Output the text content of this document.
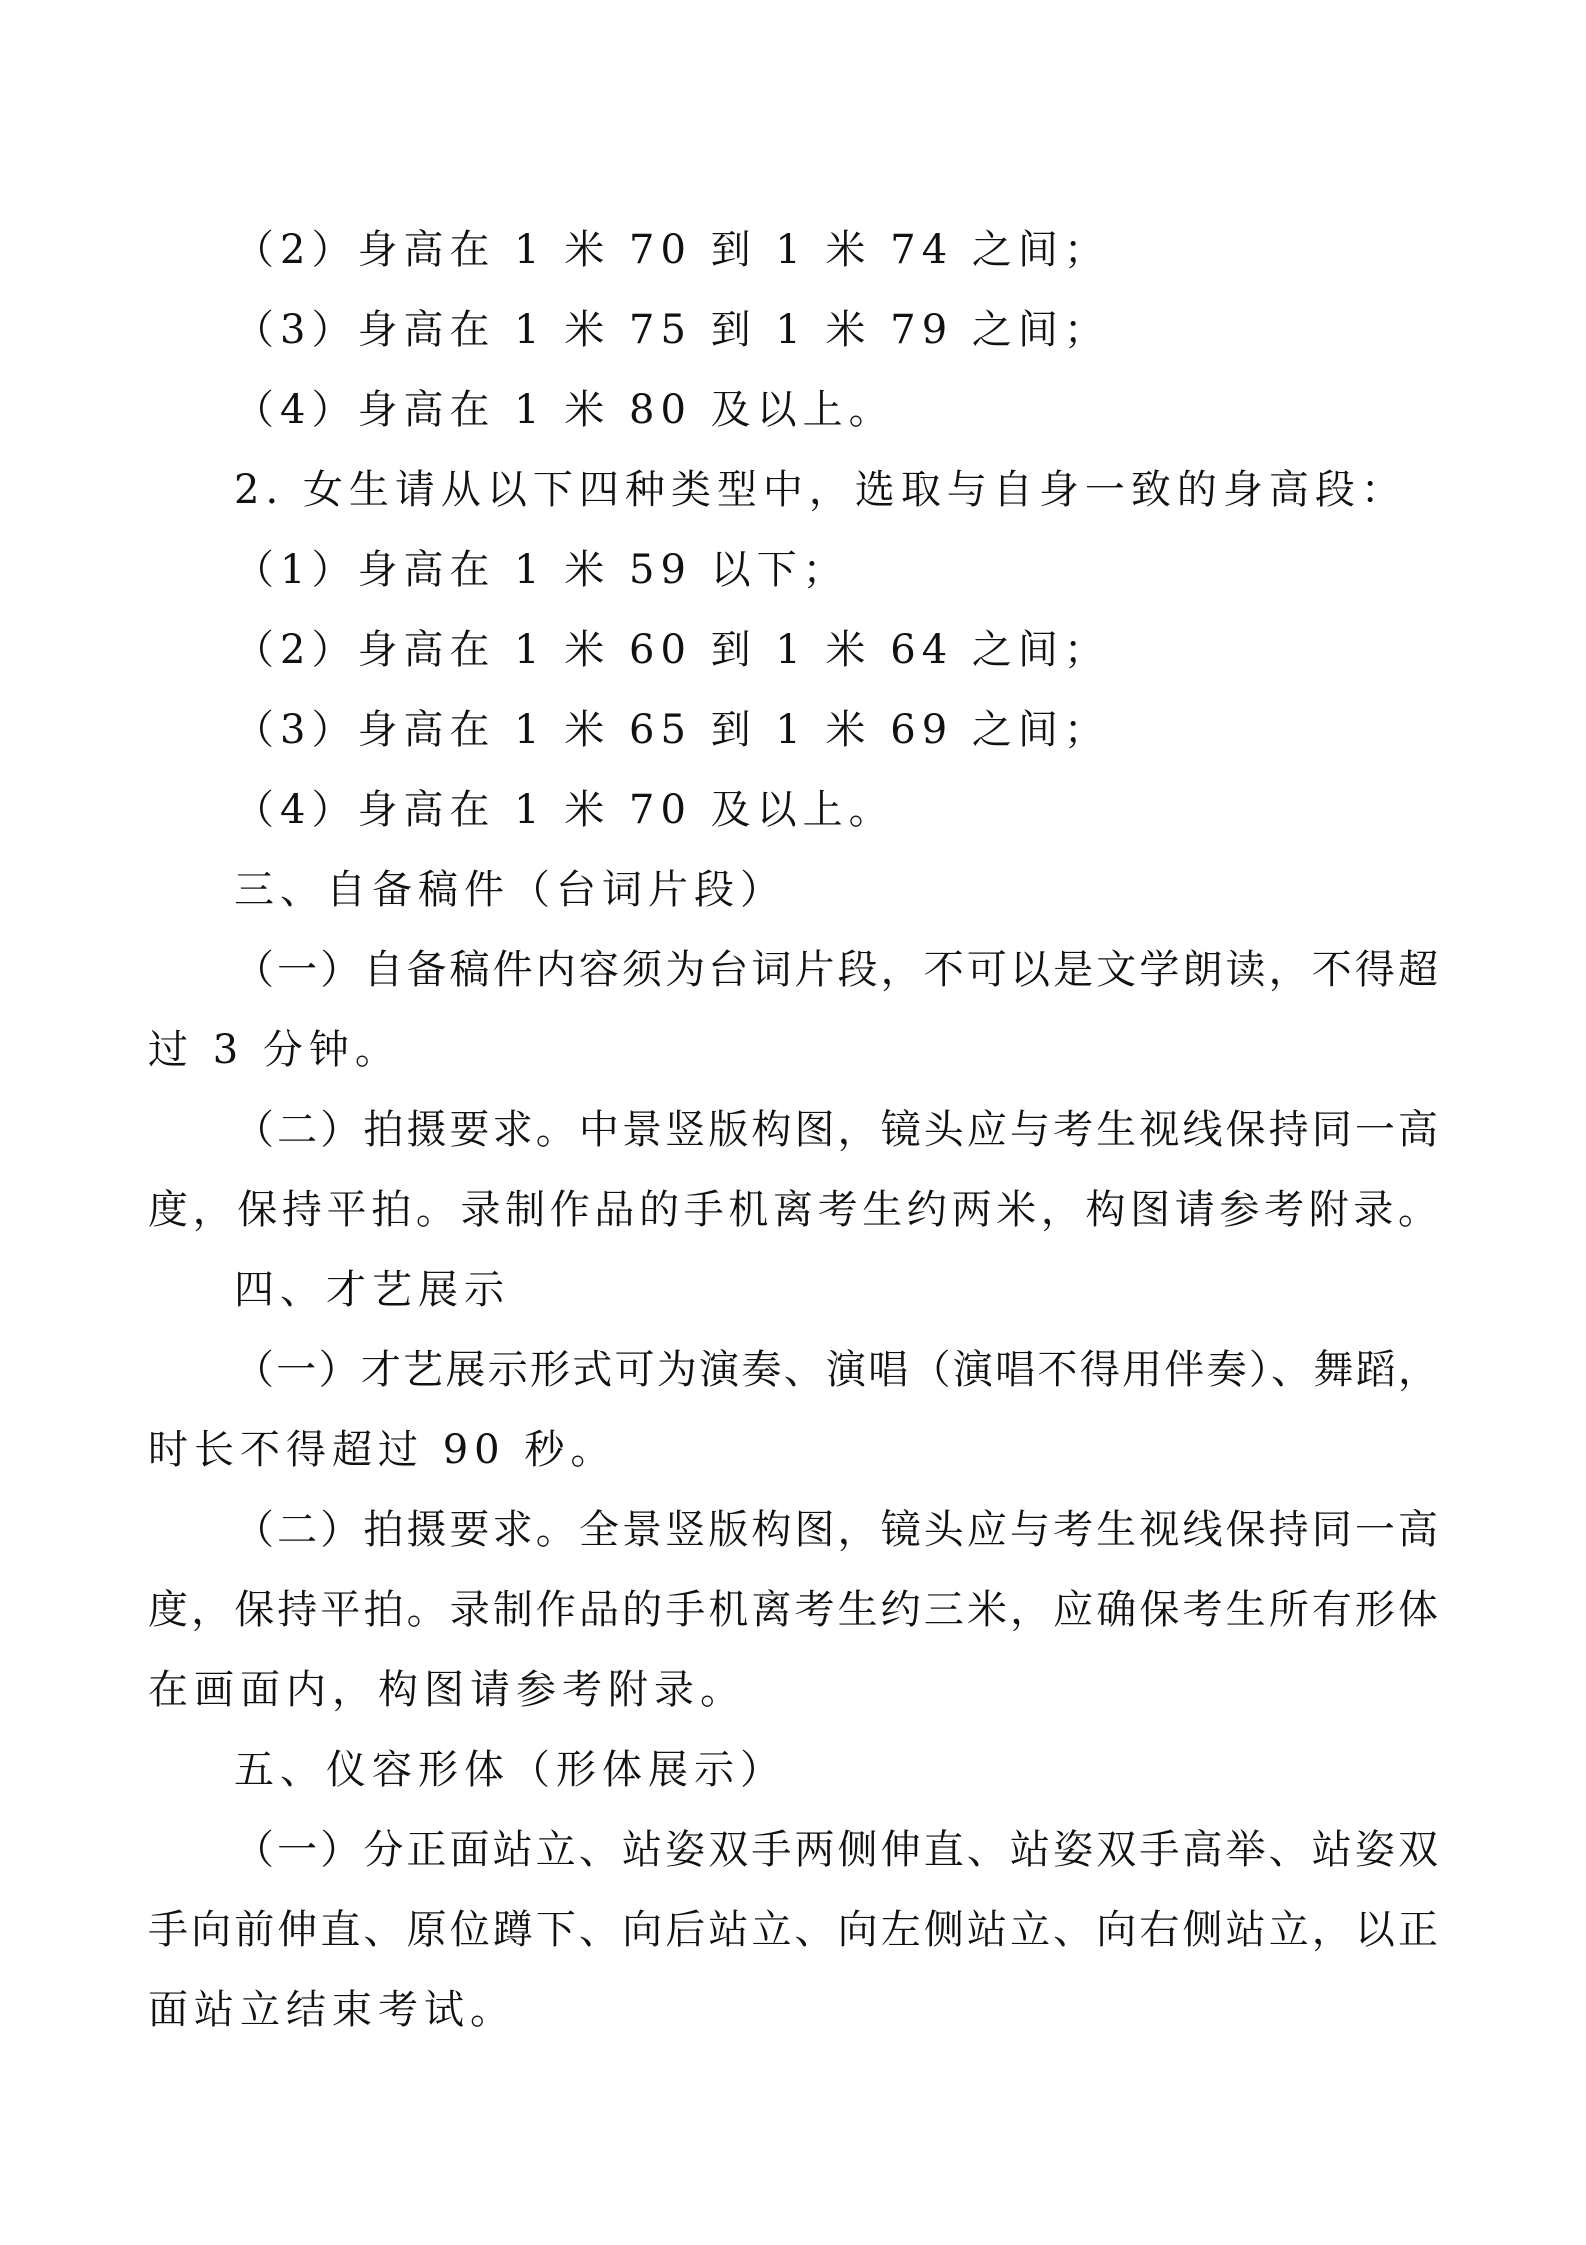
（2）身高在 1 米 70 到 1 米 74 之间；
（3）身高在 1 米 75 到 1 米 79 之间；
（4）身高在 1 米 80 及以上。
2. 女生请从以下四种类型中，选取与自身一致的身高段：
（1）身高在 1 米 59 以下；
（2）身高在 1 米 60 到 1 米 64 之间；
（3）身高在 1 米 65 到 1 米 69 之间；
（4）身高在 1 米 70 及以上。
三、自备稿件（台词片段）
（一）自备稿件内容须为台词片段，不可以是文学朗读，不得超
过 3 分钟。
（二）拍摄要求。中景竖版构图，镜头应与考生视线保持同一高
度，保持平拍。录制作品的手机离考生约两米，构图请参考附录。
四、才艺展示
（一）才艺展示形式可为演奏、演唱（演唱不得用伴奏）、舞蹈，
时长不得超过 90 秒。
（二）拍摄要求。全景竖版构图，镜头应与考生视线保持同一高
度，保持平拍。录制作品的手机离考生约三米，应确保考生所有形体
在画面内，构图请参考附录。
五、仪容形体（形体展示）
（一）分正面站立、站姿双手两侧伸直、站姿双手高举、站姿双
手向前伸直、原位蹲下、向后站立、向左侧站立、向右侧站立，以正
面站立结束考试。
